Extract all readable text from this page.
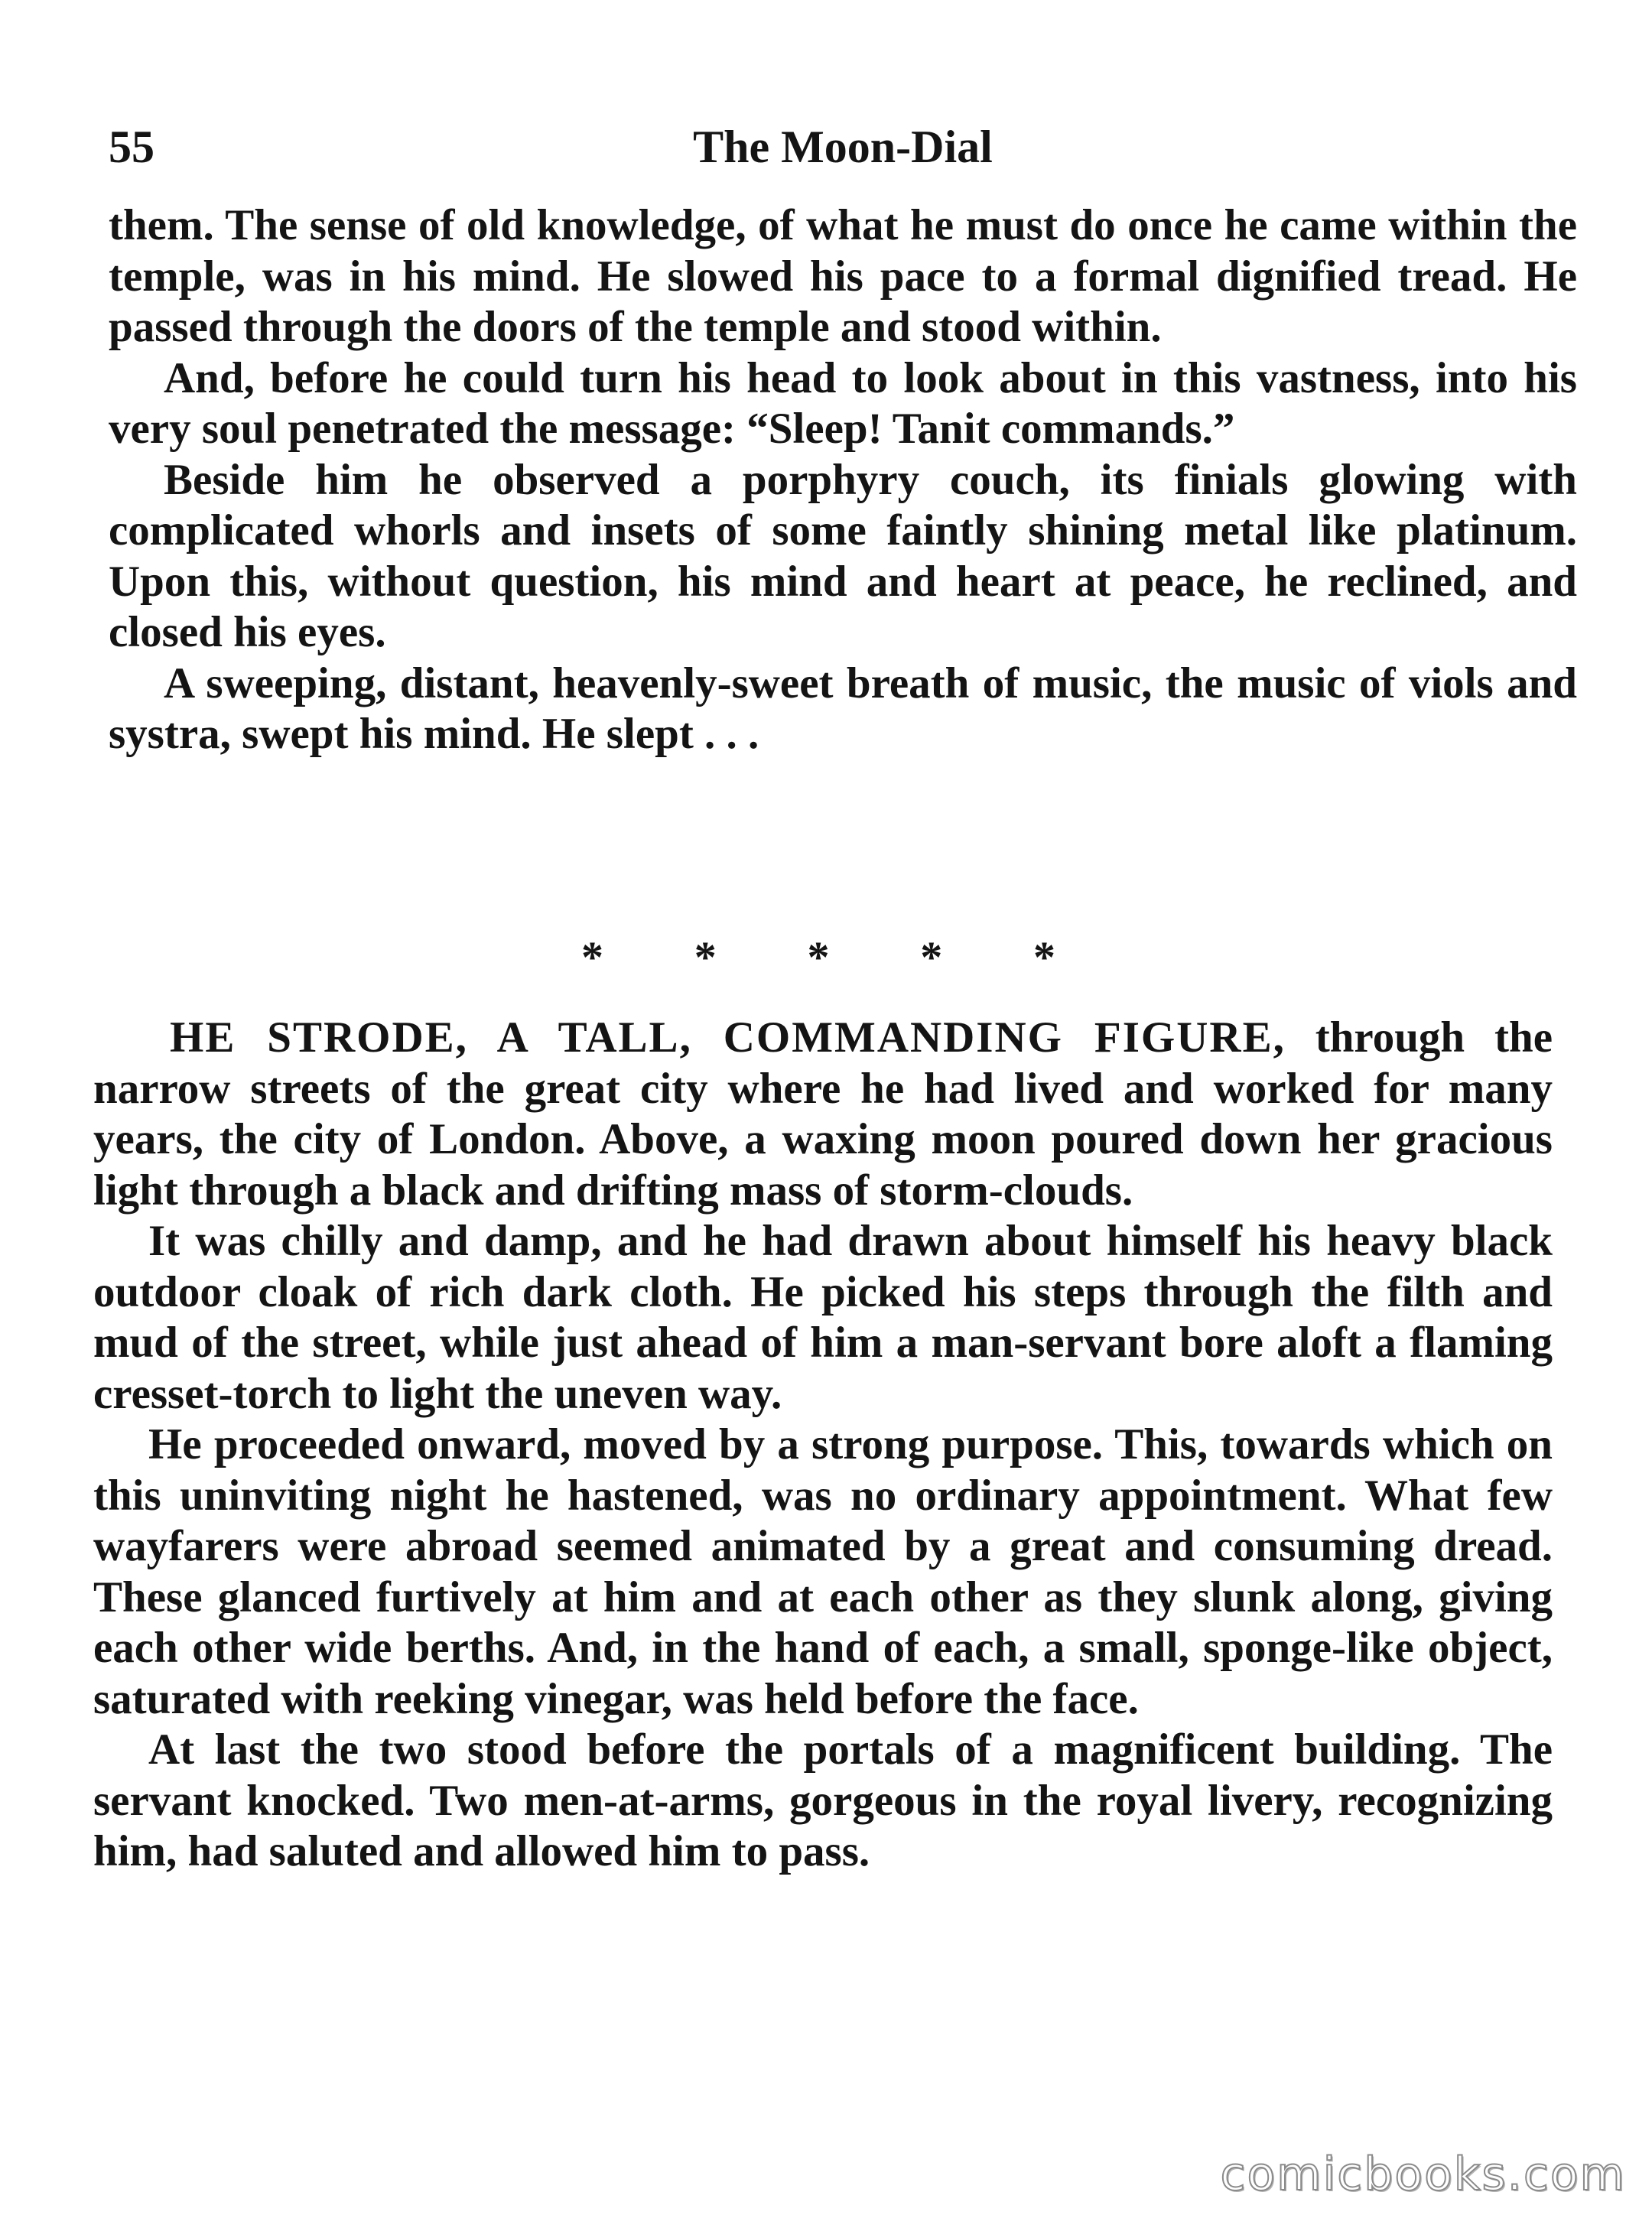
55	The Moon-Dial

them. The sense of old knowledge, of what he must do once he came within the temple, was in his mind. He slowed his pace to a formal dignified tread. He passed through the doors of the temple and stood within.

And, before he could turn his head to look about in this vastness, into his very soul penetrated the message: “Sleep! Tanit commands.”

Beside him he observed a porphyry couch, its finials glowing with complicated whorls and insets of some faintly shining metal like platinum. Upon this, without question, his mind and heart at peace, he reclined, and closed his eyes.

A sweeping, distant, heavenly-sweet breath of music, the music of viols and systra, swept his mind. He slept . . .

* * * * *

HE STRODE, A TALL, COMMANDING FIGURE, through the narrow streets of the great city where he had lived and worked for many years, the city of London. Above, a waxing moon poured down her gracious light through a black and drifting mass of storm-clouds.

It was chilly and damp, and he had drawn about himself his heavy black outdoor cloak of rich dark cloth. He picked his steps through the filth and mud of the street, while just ahead of him a man-servant bore aloft a flaming cresset-torch to light the uneven way.

He proceeded onward, moved by a strong purpose. This, towards which on this uninviting night he hastened, was no ordinary appointment. What few wayfarers were abroad seemed animated by a great and consuming dread. These glanced furtively at him and at each other as they slunk along, giving each other wide berths. And, in the hand of each, a small, sponge-like object, saturated with reeking vinegar, was held before the face.

At last the two stood before the portals of a magnificent building. The servant knocked. Two men-at-arms, gorgeous in the royal livery, recognizing him, had saluted and allowed him to pass.

comicbooks.com
